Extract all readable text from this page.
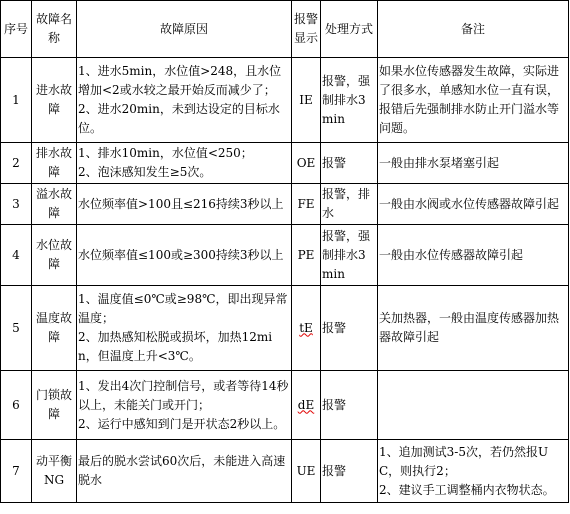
序号	故障名称	故障原因	报警显示	处理方式	备注
1	进水故障	1、进水5min，水位值>248，且水位增加<2或水较之最开始反而减少了；
2、进水20min，未到达设定的目标水位。	IE	报警，强制排水3min	如果水位传感器发生故障，实际进了很多水，单感知水位一直有误，报错后先强制排水防止开门溢水等问题。
2	排水故障	1、排水10min，水位值<250；
2、泡沫感知发生≥5次。	OE	报警	一般由排水泵堵塞引起
3	溢水故障	水位频率值>100且≤216持续3秒以上	FE	报警，排水	一般由水阀或水位传感器故障引起
4	水位故障	水位频率值≤100或≥300持续3秒以上	PE	报警，强制排水3min	一般由水位传感器故障引起
5	温度故障	1、温度值≤0℃或≥98℃，即出现异常温度；
2、加热感知松脱或损坏，加热12min，但温度上升<3℃。	tE	报警	关加热器，一般由温度传感器加热器故障引起
6	门锁故障	1、发出4次门控制信号，或者等待14秒以上，未能关门或开门；
2、运行中感知到门是开状态2秒以上。	dE	报警	
7	动平衡NG	最后的脱水尝试60次后，未能进入高速脱水	UE	报警	1、追加测试3-5次，若仍然报UC，则执行2；
2、建议手工调整桶内衣物状态。
